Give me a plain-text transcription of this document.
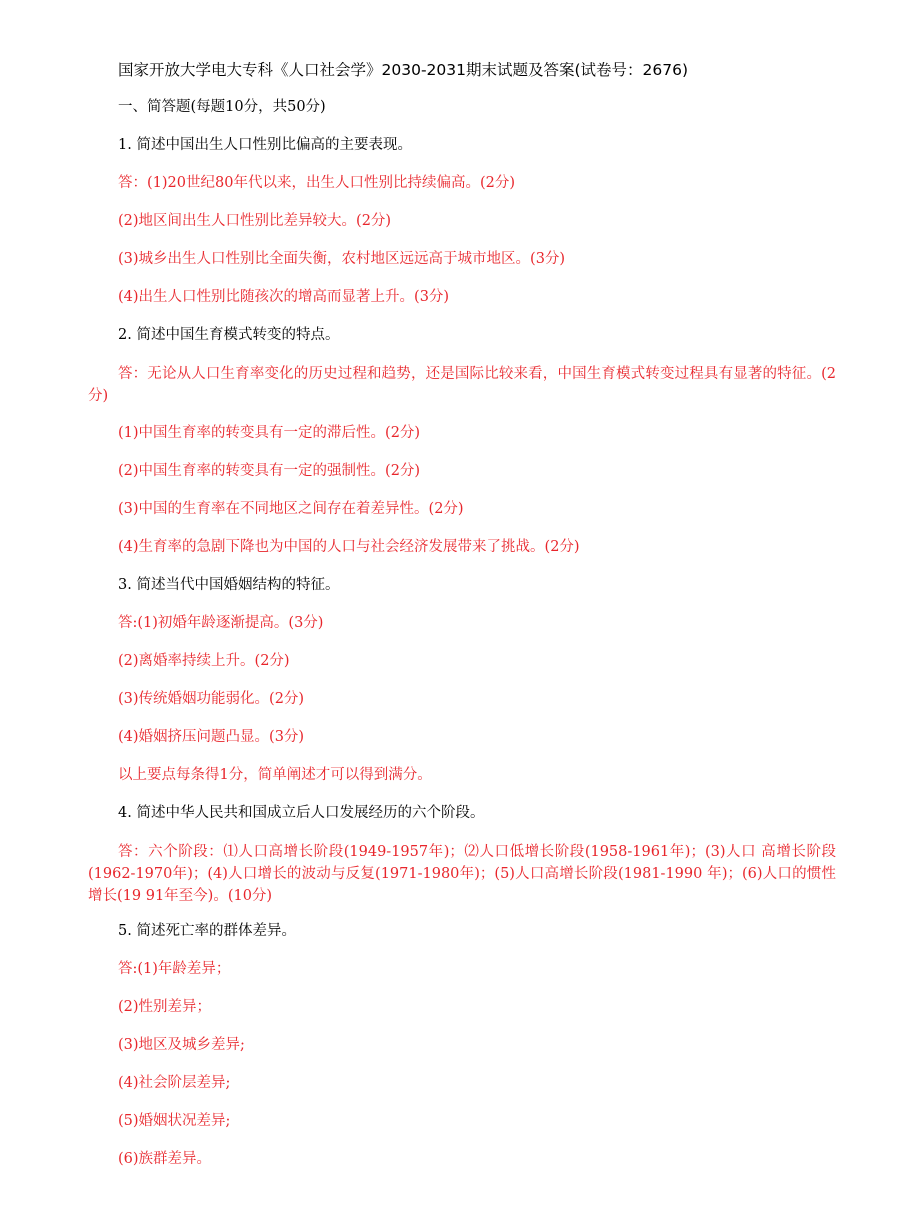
国家开放大学电大专科《人口社会学》2030-2031期末试题及答案(试卷号：2676)
一、简答题(每题10分，共50分)
1. 简述中国出生人口性别比偏高的主要表现。
答：(1)20世纪80年代以来，出生人口性别比持续偏高。(2分)
(2)地区间出生人口性别比差异较大。(2分)
(3)城乡出生人口性别比全面失衡，农村地区远远高于城市地区。(3分)
(4)出生人口性别比随孩次的增高而显著上升。(3分)
2. 简述中国生育模式转变的特点。
答：无论从人口生育率变化的历史过程和趋势，还是国际比较来看，中国生育模式转变过程具有显著的特征。(2分)
(1)中国生育率的转变具有一定的滞后性。(2分)
(2)中国生育率的转变具有一定的强制性。(2分)
(3)中国的生育率在不同地区之间存在着差异性。(2分)
(4)生育率的急剧下降也为中国的人口与社会经济发展带来了挑战。(2分)
3. 简述当代中国婚姻结构的特征。
答:(1)初婚年龄逐渐提高。(3分)
(2)离婚率持续上升。(2分)
(3)传统婚姻功能弱化。(2分)
(4)婚姻挤压问题凸显。(3分)
以上要点每条得1分，简单阐述才可以得到满分。
4. 简述中华人民共和国成立后人口发展经历的六个阶段。
答：六个阶段：⑴人口高增长阶段(1949-1957年)；⑵人口低增长阶段(1958-1961年)；(3)人口 高增长阶段(1962-1970年)；(4)人口增长的波动与反复(1971-1980年)；(5)人口高增长阶段(1981-1990 年)；(6)人口的惯性增长(19 91年至今)。(10分)
5. 简述死亡率的群体差异。
答:(1)年龄差异；
(2)性别差异；
(3)地区及城乡差异;
(4)社会阶层差异;
(5)婚姻状况差异;
(6)族群差异。
